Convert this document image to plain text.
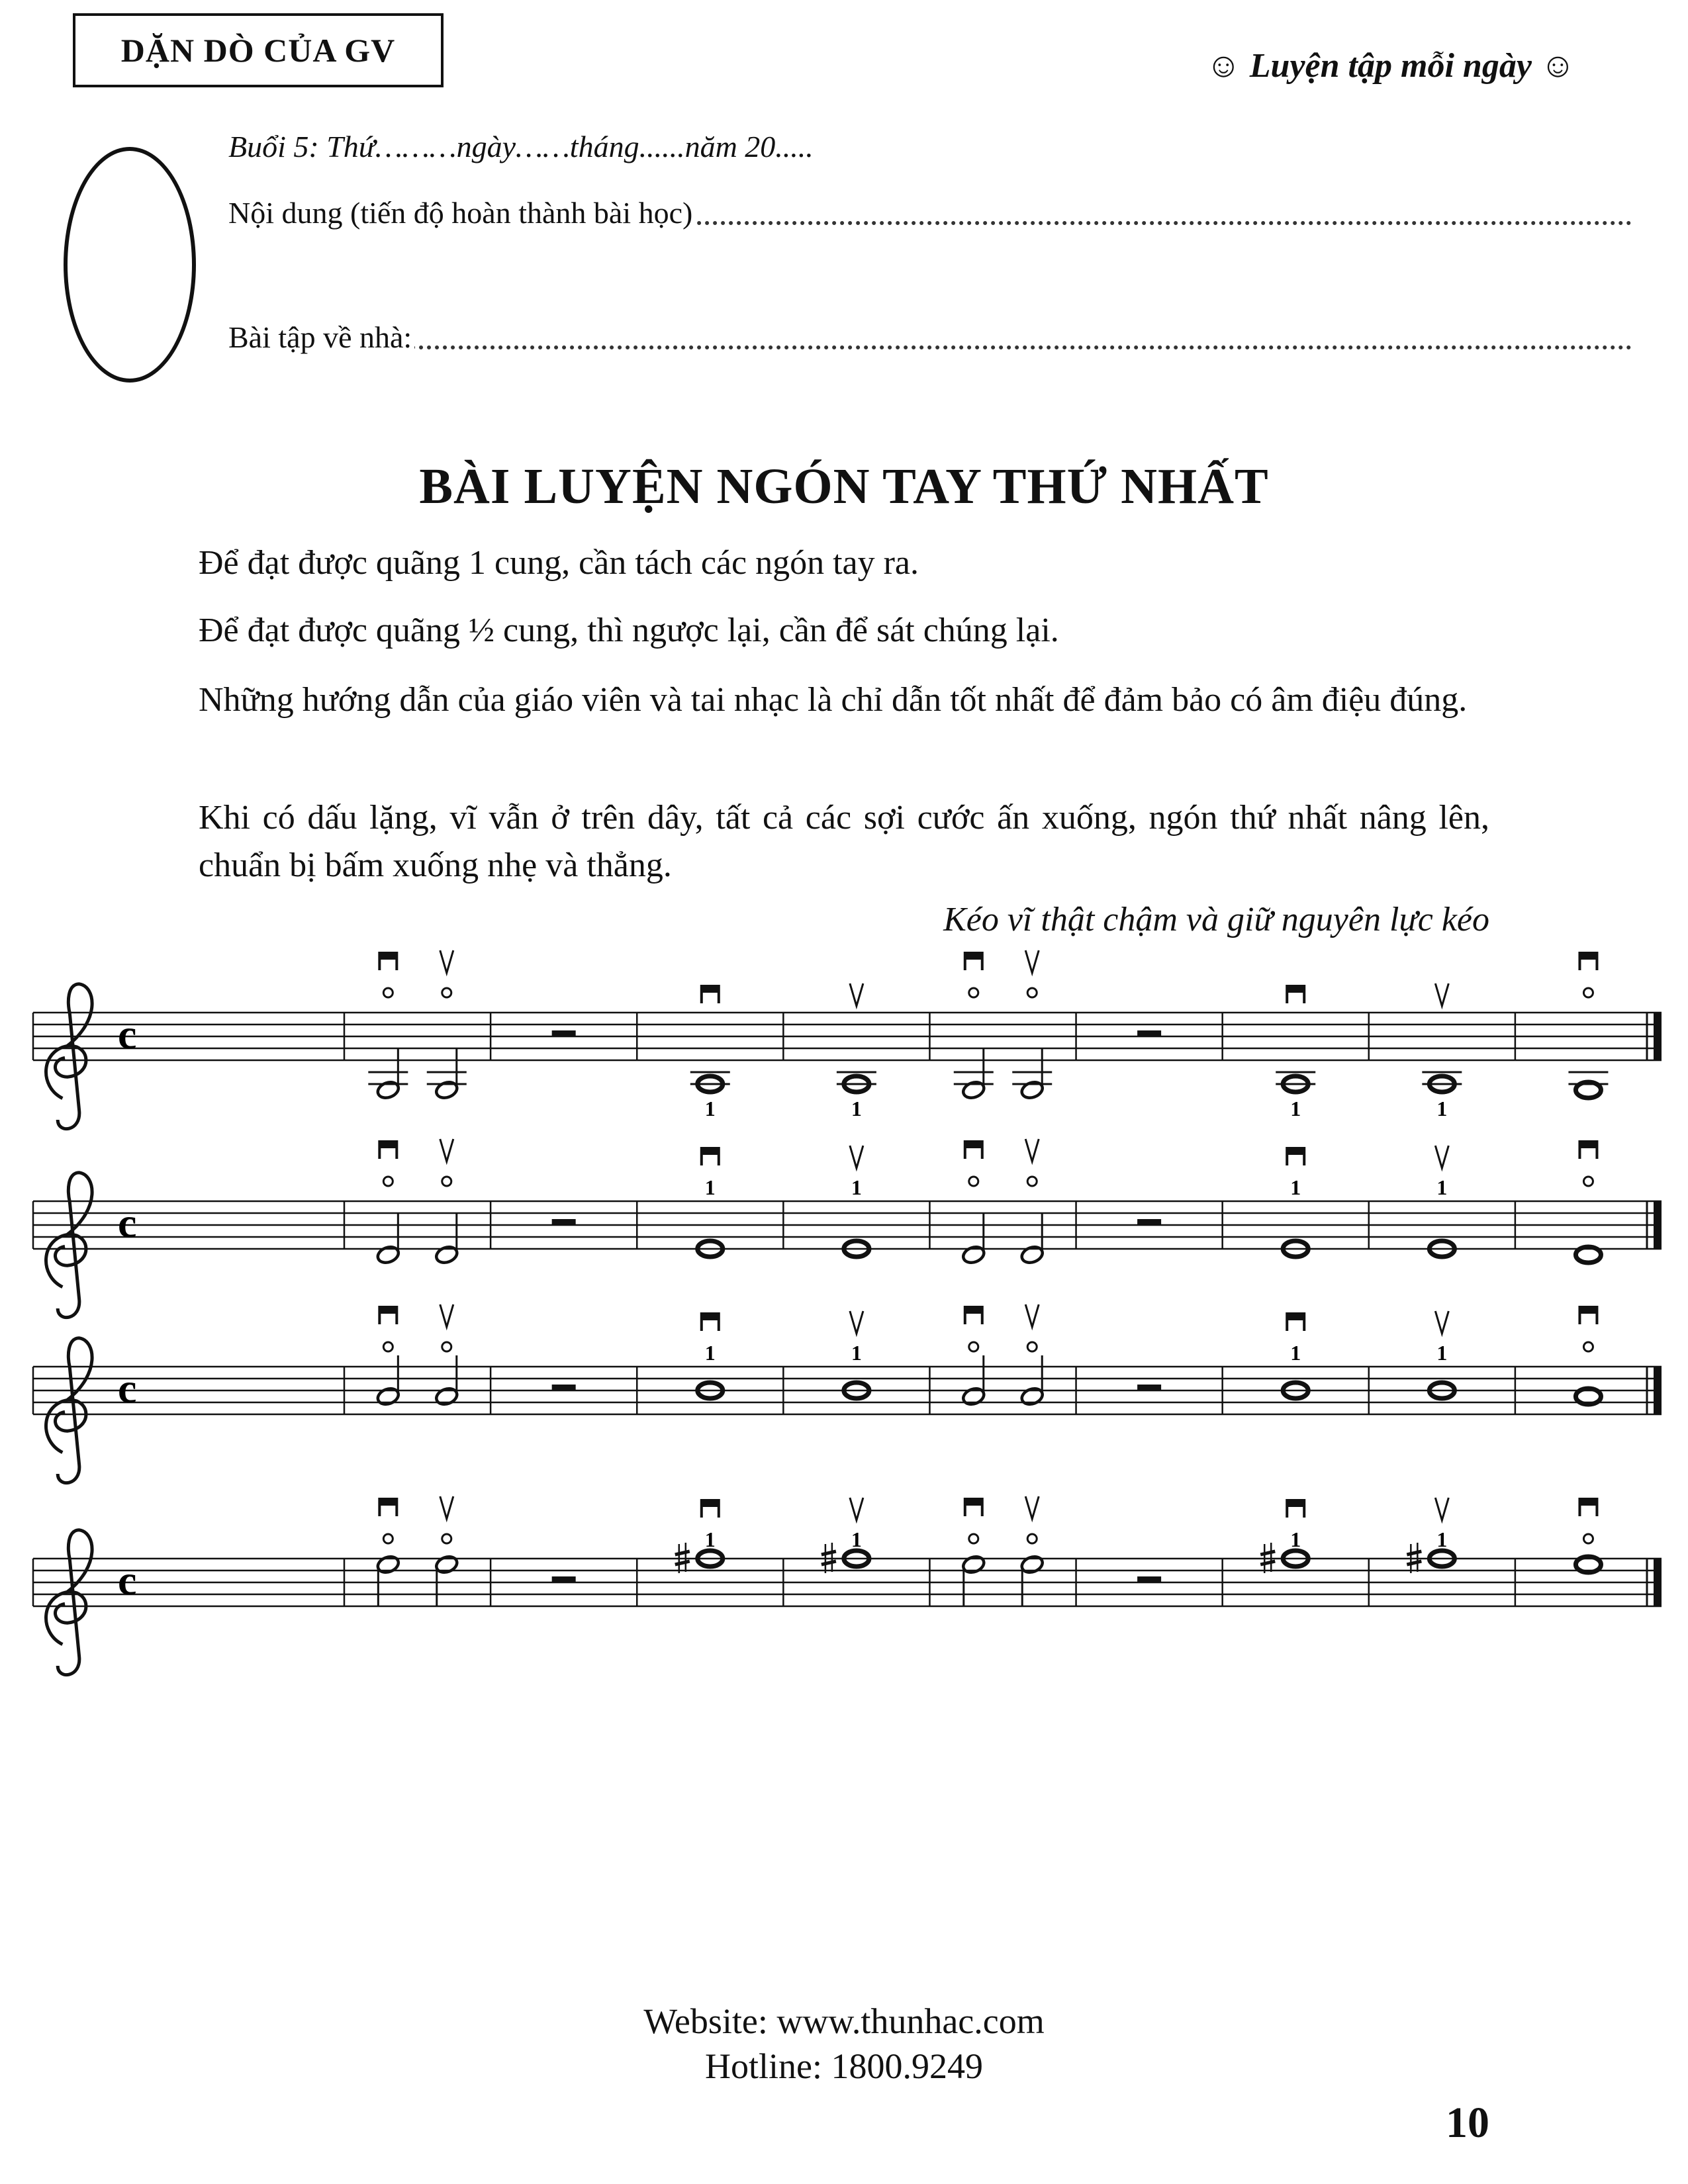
DẶN DÒ CỦA GV	☺ Luyện tập mỗi ngày ☺
Buổi 5: Thứ………ngày……tháng......năm 20.....
Nội dung (tiến độ hoàn thành bài học)
Bài tập về nhà:
BÀI LUYỆN NGÓN TAY THỨ NHẤT
Để đạt được quãng 1 cung, cần tách các ngón tay ra.
Để đạt được quãng ½ cung, thì ngược lại, cần để sát chúng lại.
Những hướng dẫn của giáo viên và tai nhạc là chỉ dẫn tốt nhất để đảm bảo có âm điệu đúng.
Khi có dấu lặng, vĩ vẫn ở trên dây, tất cả các sợi cước ấn xuống, ngón thứ nhất nâng lên, chuẩn bị bấm xuống nhẹ và thẳng.
Kéo vĩ thật chậm và giữ nguyên lực kéo
c
1	1	1	1
c
1	1	1	1
c
1	1	1	1
c
1	1	1	1
Website: www.thunhac.com
Hotline: 1800.9249
10
